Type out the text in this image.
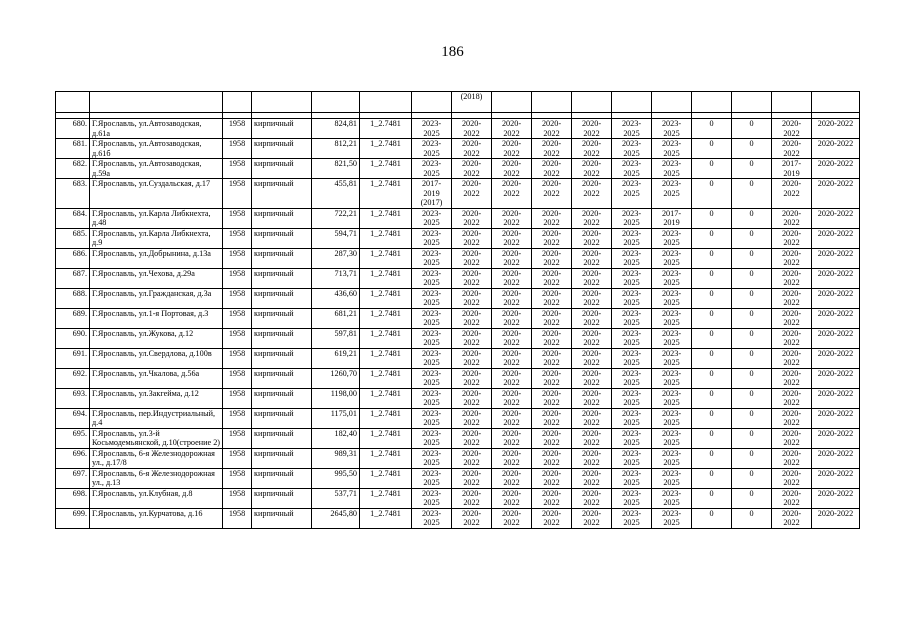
186
							(2018)									

680.	Г.Ярославль, ул.Автозаводская, д.61а	1958	кирпичный	824,81	1_2.7481	2023-2025	2020-2022	2020-2022	2020-2022	2020-2022	2023-2025	2023-2025	0	0	2020-2022	2020-2022
681.	Г.Ярославль, ул.Автозаводская, д.61б	1958	кирпичный	812,21	1_2.7481	2023-2025	2020-2022	2020-2022	2020-2022	2020-2022	2023-2025	2023-2025	0	0	2020-2022	2020-2022
682.	Г.Ярославль, ул.Автозаводская, д.59а	1958	кирпичный	821,50	1_2.7481	2023-2025	2020-2022	2020-2022	2020-2022	2020-2022	2023-2025	2023-2025	0	0	2017-2019	2020-2022
683.	Г.Ярославль, ул.Суздальская, д.17	1958	кирпичный	455,81	1_2.7481	2017-2019 (2017)	2020-2022	2020-2022	2020-2022	2020-2022	2023-2025	2023-2025	0	0	2020-2022	2020-2022
684.	Г.Ярославль, ул.Карла Либкнехта, д.48	1958	кирпичный	722,21	1_2.7481	2023-2025	2020-2022	2020-2022	2020-2022	2020-2022	2023-2025	2017-2019	0	0	2020-2022	2020-2022
685.	Г.Ярославль, ул.Карла Либкнехта, д.9	1958	кирпичный	594,71	1_2.7481	2023-2025	2020-2022	2020-2022	2020-2022	2020-2022	2023-2025	2023-2025	0	0	2020-2022	2020-2022
686.	Г.Ярославль, ул.Добрынина, д.13а	1958	кирпичный	287,30	1_2.7481	2023-2025	2020-2022	2020-2022	2020-2022	2020-2022	2023-2025	2023-2025	0	0	2020-2022	2020-2022
687.	Г.Ярославль, ул.Чехова, д.29а	1958	кирпичный	713,71	1_2.7481	2023-2025	2020-2022	2020-2022	2020-2022	2020-2022	2023-2025	2023-2025	0	0	2020-2022	2020-2022
688.	Г.Ярославль, ул.Гражданская, д.3а	1958	кирпичный	436,60	1_2.7481	2023-2025	2020-2022	2020-2022	2020-2022	2020-2022	2023-2025	2023-2025	0	0	2020-2022	2020-2022
689.	Г.Ярославль, ул.1-я Портовая, д.3	1958	кирпичный	681,21	1_2.7481	2023-2025	2020-2022	2020-2022	2020-2022	2020-2022	2023-2025	2023-2025	0	0	2020-2022	2020-2022
690.	Г.Ярославль, ул.Жукова, д.12	1958	кирпичный	597,81	1_2.7481	2023-2025	2020-2022	2020-2022	2020-2022	2020-2022	2023-2025	2023-2025	0	0	2020-2022	2020-2022
691.	Г.Ярославль, ул.Свердлова, д.100в	1958	кирпичный	619,21	1_2.7481	2023-2025	2020-2022	2020-2022	2020-2022	2020-2022	2023-2025	2023-2025	0	0	2020-2022	2020-2022
692.	Г.Ярославль, ул.Чкалова, д.56а	1958	кирпичный	1260,70	1_2.7481	2023-2025	2020-2022	2020-2022	2020-2022	2020-2022	2023-2025	2023-2025	0	0	2020-2022	2020-2022
693.	Г.Ярославль, ул.Закгейма, д.12	1958	кирпичный	1198,00	1_2.7481	2023-2025	2020-2022	2020-2022	2020-2022	2020-2022	2023-2025	2023-2025	0	0	2020-2022	2020-2022
694.	Г.Ярославль, пер.Индустриальный, д.4	1958	кирпичный	1175,01	1_2.7481	2023-2025	2020-2022	2020-2022	2020-2022	2020-2022	2023-2025	2023-2025	0	0	2020-2022	2020-2022
695.	Г.Ярославль, ул.3-й Косьмодемьянской, д.10(строение 2)	1958	кирпичный	182,40	1_2.7481	2023-2025	2020-2022	2020-2022	2020-2022	2020-2022	2023-2025	2023-2025	0	0	2020-2022	2020-2022
696.	Г.Ярославль, 6-я Железнодорожная ул., д.17/8	1958	кирпичный	989,31	1_2.7481	2023-2025	2020-2022	2020-2022	2020-2022	2020-2022	2023-2025	2023-2025	0	0	2020-2022	2020-2022
697.	Г.Ярославль, 6-я Железнодорожная ул., д.13	1958	кирпичный	995,50	1_2.7481	2023-2025	2020-2022	2020-2022	2020-2022	2020-2022	2023-2025	2023-2025	0	0	2020-2022	2020-2022
698.	Г.Ярославль, ул.Клубная, д.8	1958	кирпичный	537,71	1_2.7481	2023-2025	2020-2022	2020-2022	2020-2022	2020-2022	2023-2025	2023-2025	0	0	2020-2022	2020-2022
699.	Г.Ярославль, ул.Курчатова, д.16	1958	кирпичный	2645,80	1_2.7481	2023-2025	2020-2022	2020-2022	2020-2022	2020-2022	2023-2025	2023-2025	0	0	2020-2022	2020-2022
